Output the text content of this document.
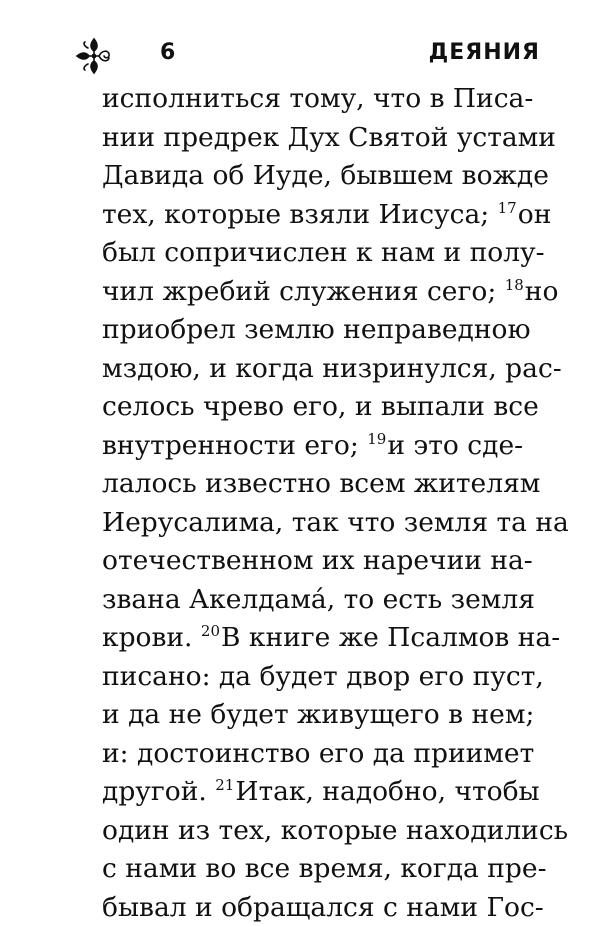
6	ДЕЯНИЯ
исполниться тому, что в Писа-
нии предрек Дух Святой устами
Давида об Иуде, бывшем вожде
тех, которые взяли Иисуса; $^{17}$он
был сопричислен к нам и полу-
чил жребий служения сего; $^{18}$но
приобрел землю неправедною
мздою, и когда низринулся, рас-
селось чрево его, и выпали все
внутренности его; $^{19}$и это сде-
лалось известно всем жителям
Иерусалима, так что земля та на
отечественном их наречии на-
звана Акелдамá, то есть земля
крови. $^{20}$В книге же Псалмов на-
писано: да будет двор его пуст,
и да не будет живущего в нем;
и: достоинство его да приимет
другой. $^{21}$Итак, надобно, чтобы
один из тех, которые находились
с нами во все время, когда пре-
бывал и обращался с нами Гос-
